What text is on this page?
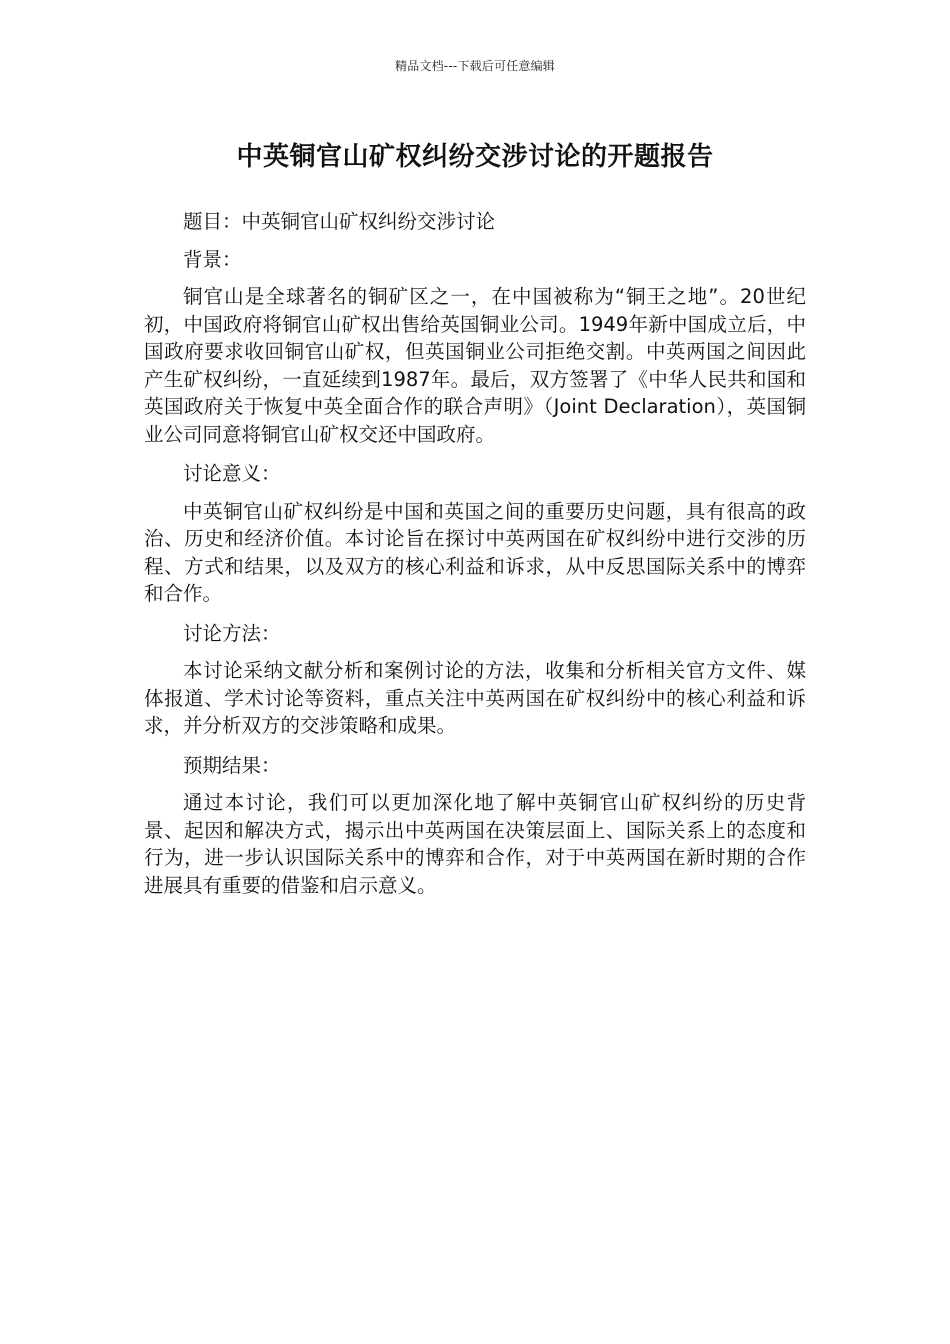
精品文档---下载后可任意编辑
中英铜官山矿权纠纷交涉讨论的开题报告

题目：中英铜官山矿权纠纷交涉讨论

背景：

铜官山是全球著名的铜矿区之一，在中国被称为“铜王之地”。20世纪初，中国政府将铜官山矿权出售给英国铜业公司。1949年新中国成立后，中国政府要求收回铜官山矿权，但英国铜业公司拒绝交割。中英两国之间因此产生矿权纠纷，一直延续到1987年。最后，双方签署了《中华人民共和国和英国政府关于恢复中英全面合作的联合声明》（Joint Declaration），英国铜业公司同意将铜官山矿权交还中国政府。

讨论意义：

中英铜官山矿权纠纷是中国和英国之间的重要历史问题，具有很高的政治、历史和经济价值。本讨论旨在探讨中英两国在矿权纠纷中进行交涉的历程、方式和结果，以及双方的核心利益和诉求，从中反思国际关系中的博弈和合作。

讨论方法：

本讨论采纳文献分析和案例讨论的方法，收集和分析相关官方文件、媒体报道、学术讨论等资料，重点关注中英两国在矿权纠纷中的核心利益和诉求，并分析双方的交涉策略和成果。

预期结果：

通过本讨论，我们可以更加深化地了解中英铜官山矿权纠纷的历史背景、起因和解决方式，揭示出中英两国在决策层面上、国际关系上的态度和行为，进一步认识国际关系中的博弈和合作，对于中英两国在新时期的合作进展具有重要的借鉴和启示意义。
